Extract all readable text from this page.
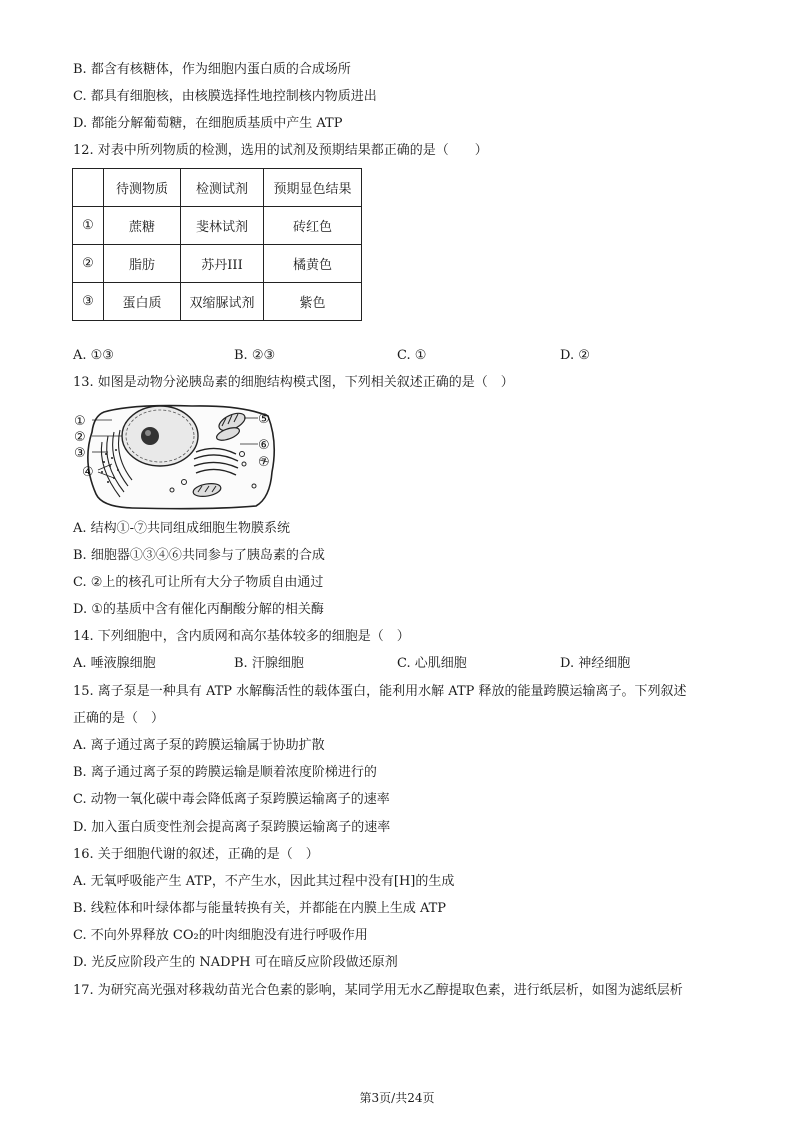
B. 都含有核糖体，作为细胞内蛋白质的合成场所
C. 都具有细胞核，由核膜选择性地控制核内物质进出
D. 都能分解葡萄糖，在细胞质基质中产生 ATP
12. 对表中所列物质的检测，选用的试剂及预期结果都正确的是（　　）
	待测物质	检测试剂	预期显色结果
①	蔗糖	斐林试剂	砖红色
②	脂肪	苏丹III	橘黄色
③	蛋白质	双缩脲试剂	紫色
A. ①③	B. ②③	C. ①	D. ②
13. 如图是动物分泌胰岛素的细胞结构模式图，下列相关叙述正确的是（　）
①
②
③
④
⑤
⑥
⑦
A. 结构①-⑦共同组成细胞生物膜系统
B. 细胞器①③④⑥共同参与了胰岛素的合成
C. ②上的核孔可让所有大分子物质自由通过
D. ①的基质中含有催化丙酮酸分解的相关酶
14. 下列细胞中，含内质网和高尔基体较多的细胞是（　）
A. 唾液腺细胞	B. 汗腺细胞	C. 心肌细胞	D. 神经细胞
15. 离子泵是一种具有 ATP 水解酶活性的载体蛋白，能利用水解 ATP 释放的能量跨膜运输离子。下列叙述
正确的是（　）
A. 离子通过离子泵的跨膜运输属于协助扩散
B. 离子通过离子泵的跨膜运输是顺着浓度阶梯进行的
C. 动物一氧化碳中毒会降低离子泵跨膜运输离子的速率
D. 加入蛋白质变性剂会提高离子泵跨膜运输离子的速率
16. 关于细胞代谢的叙述，正确的是（　）
A. 无氧呼吸能产生 ATP，不产生水，因此其过程中没有[H]的生成
B. 线粒体和叶绿体都与能量转换有关，并都能在内膜上生成 ATP
C. 不向外界释放 CO₂的叶肉细胞没有进行呼吸作用
D. 光反应阶段产生的 NADPH 可在暗反应阶段做还原剂
17. 为研究高光强对移栽幼苗光合色素的影响，某同学用无水乙醇提取色素，进行纸层析，如图为滤纸层析
第3页/共24页
